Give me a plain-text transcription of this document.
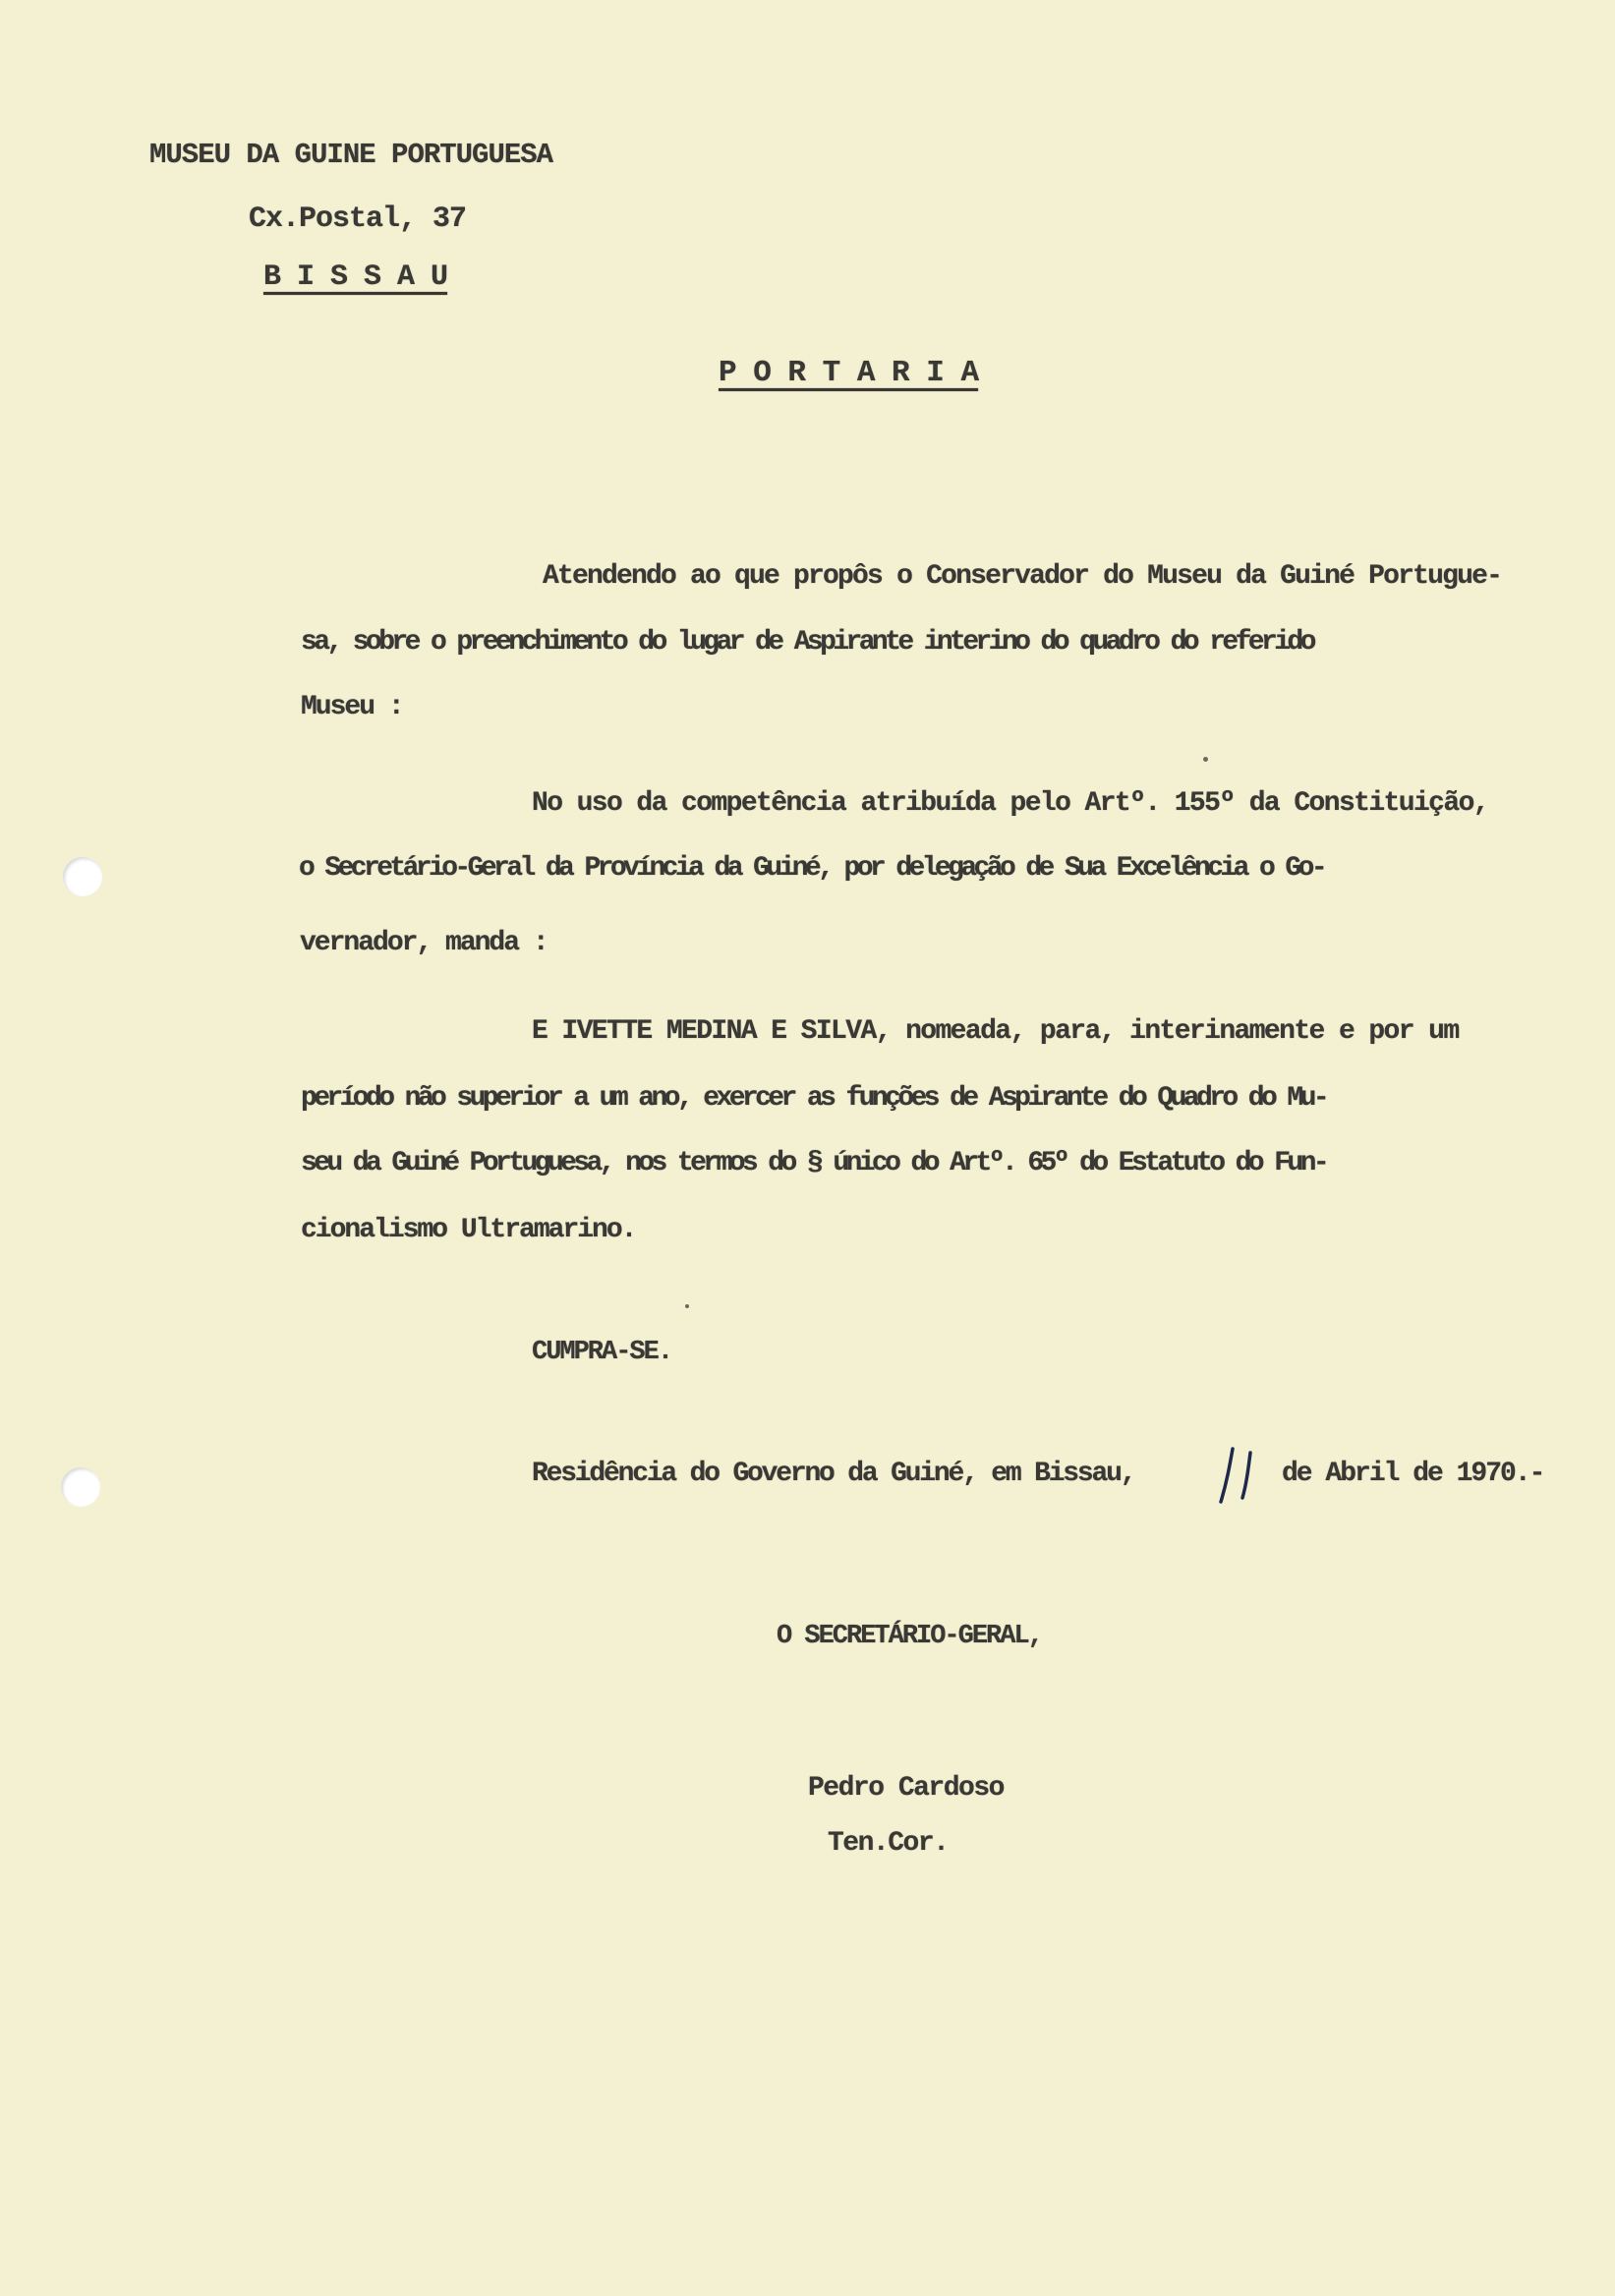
MUSEU DA GUINE PORTUGUESA
Cx.Postal, 37
B I S S A U
P O R T A R I A
Atendendo ao que propôs o Conservador do Museu da Guiné Portugue-
sa, sobre o preenchimento do lugar de Aspirante interino do quadro do referido
Museu :
No uso da competência atribuída pelo Artº. 155º da Constituição,
o Secretário-Geral da Província da Guiné, por delegação de Sua Excelência o Go-
vernador, manda :
E IVETTE MEDINA E SILVA, nomeada, para, interinamente e por um
período não superior a um ano, exercer as funções de Aspirante do Quadro do Mu-
seu da Guiné Portuguesa, nos termos do § único do Artº. 65º do Estatuto do Fun-
cionalismo Ultramarino.
CUMPRA-SE.
Residência do Governo da Guiné, em Bissau,	de Abril de 1970.-
O SECRETÁRIO-GERAL,
Pedro Cardoso
Ten.Cor.
